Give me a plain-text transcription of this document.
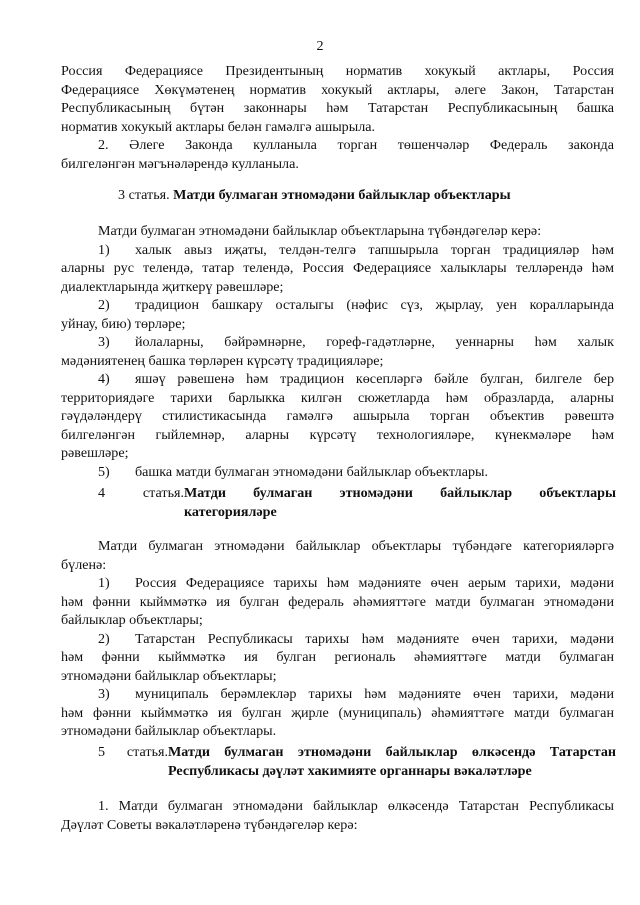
2

Россия Федерациясе Президентының норматив хокукый актлары, Россия

Федерациясе Хөкүмәтенең норматив хокукый актлары, әлеге Закон, Татарстан

Республикасының бүтән законнары һәм Татарстан Республикасының башка

норматив хокукый актлары белән гамәлгә ашырыла.

2. Әлеге Законда кулланыла торган төшенчәләр Федераль законда

билгеләнгән мәгънәләрендә кулланыла.

3 статья. Матди булмаган этномәдәни байлыклар объектлары

Матди булмаган этномәдәни байлыклар объектларына түбәндәгеләр керә:

1) халык авыз иҗаты, телдән-телгә тапшырыла торган традицияләр һәм

аларны рус телендә, татар телендә, Россия Федерациясе халыклары телләрендә һәм

диалектларында җиткерү рәвешләре;

2) традицион башкару осталыгы (нәфис сүз, җырлау, уен коралларында

уйнау, бию) төрләре;

3) йолаларны, бәйрәмнәрне, гореф-гадәтләрне, уеннарны һәм халык

мәдәниятенең башка төрләрен күрсәтү традицияләре;

4) яшәү рәвешенә һәм традицион көсепләргә бәйле булган, билгеле бер

территориядәге тарихи барлыкка килгән сюжетларда һәм образларда, аларны

гәүдәләндерү стилистикасында гамәлгә ашырыла торган объектив рәвештә

билгеләнгән гыйлемнәр, аларны күрсәтү технологияләре, күнекмәләре һәм

рәвешләре;

5) башка матди булмаган этномәдәни байлыклар объектлары.

4 статья.Матди булмаган этномәдәни байлыклар объектлары

категорияләре

Матди булмаган этномәдәни байлыклар объектлары түбәндәге категорияләргә

бүленә:

1) Россия Федерациясе тарихы һәм мәдәнияте өчен аерым тарихи, мәдәни

һәм фәнни кыйммәткә ия булган федераль әһәмияттәге матди булмаган этномәдәни

байлыклар объектлары;

2) Татарстан Республикасы тарихы һәм мәдәнияте өчен тарихи, мәдәни

һәм фәнни кыйммәткә ия булган региональ әһәмияттәге матди булмаган

этномәдәни байлыклар объектлары;

3) муниципаль берәмлекләр тарихы һәм мәдәнияте өчен тарихи, мәдәни

һәм фәнни кыйммәткә ия булган җирле (муниципаль) әһәмияттәге матди булмаган

этномәдәни байлыклар объектлары.

5 статья.Матди булмаган этномәдәни байлыклар өлкәсендә Татарстан

Республикасы дәүләт хакимияте органнары вәкаләтләре

1. Матди булмаган этномәдәни байлыклар өлкәсендә Татарстан Республикасы

Дәүләт Советы вәкаләтләренә түбәндәгеләр керә:
